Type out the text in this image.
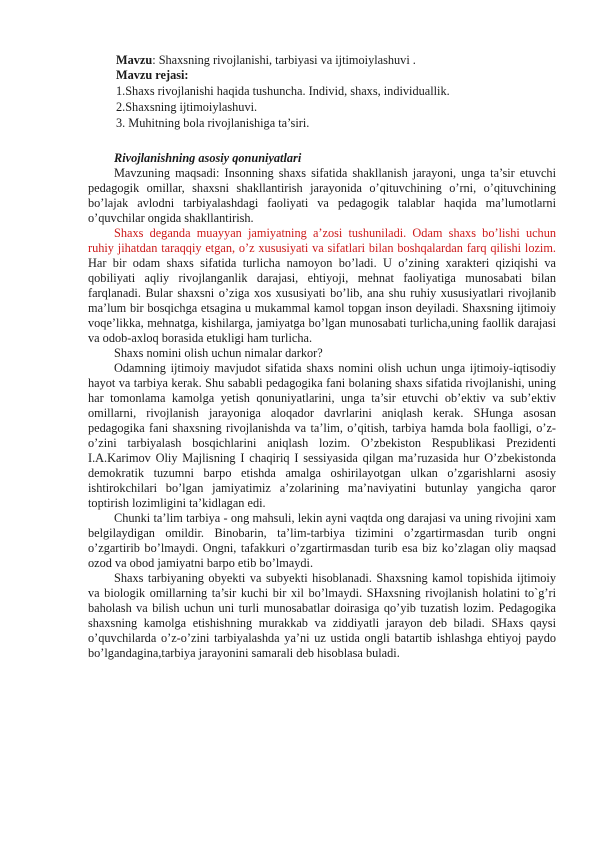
Mavzu: Shaxsning rivojlanishi, tarbiyasi va ijtimoiylashuvi .
Mavzu rejasi:
1.Shaxs rivojlanishi haqida tushuncha. Individ, shaxs, individuallik.
2.Shaxsning ijtimoiylashuvi.
3. Muhitning bola rivojlanishiga ta’siri.

Rivojlanishning asosiy qonuniyatlari

Mavzuning maqsadi: Insonning shaxs sifatida shakllanish jarayoni, unga ta’sir etuvchi pedagogik omillar, shaxsni shakllantirish jarayonida o’qituvchining o’rni, o’qituvchining bo’lajak avlodni tarbiyalashdagi faoliyati va pedagogik talablar haqida ma’lumotlarni o’quvchilar ongida shakllantirish.

Shaxs deganda muayyan jamiyatning a’zosi tushuniladi. Odam shaxs bo’lishi uchun ruhiy jihatdan taraqqiy etgan, o’z xususiyati va sifatlari bilan boshqalardan farq qilishi lozim. Har bir odam shaxs sifatida turlicha namoyon bo’ladi. U o’zining xarakteri qiziqishi va qobiliyati aqliy rivojlanganlik darajasi, ehtiyoji, mehnat faoliyatiga munosabati bilan farqlanadi. Bular shaxsni o’ziga xos xususiyati bo’lib, ana shu ruhiy xususiyatlari rivojlanib ma’lum bir bosqichga etsagina u mukammal kamol topgan inson deyiladi. Shaxsning ijtimoiy voqe’likka, mehnatga, kishilarga, jamiyatga bo’lgan munosabati turlicha,uning faollik darajasi va odob-axloq borasida etukligi ham turlicha.

Shaxs nomini olish uchun nimalar darkor?

Odamning ijtimoiy mavjudot sifatida shaxs nomini olish uchun unga ijtimoiy-iqtisodiy hayot va tarbiya kerak. Shu sababli pedagogika fani bolaning shaxs sifatida rivojlanishi, uning har tomonlama kamolga yetish qonuniyatlarini, unga ta’sir etuvchi ob’ektiv va sub’ektiv omillarni, rivojlanish jarayoniga aloqador davrlarini aniqlash kerak. SHunga asosan pedagogika fani shaxsning rivojlanishda va ta’lim, o’qitish, tarbiya hamda bola faolligi, o’z-o’zini tarbiyalash bosqichlarini aniqlash lozim. O’zbekiston Respublikasi Prezidenti I.A.Karimov Oliy Majlisning I chaqiriq I sessiyasida qilgan ma’ruzasida hur O’zbekistonda demokratik tuzumni barpo etishda amalga oshirilayotgan ulkan o’zgarishlarni asosiy ishtirokchilari bo’lgan jamiyatimiz a’zolarining ma’naviyatini butunlay yangicha qaror toptirish lozimligini ta’kidlagan edi.

Chunki ta’lim tarbiya - ong mahsuli, lekin ayni vaqtda ong darajasi va uning rivojini xam belgilaydigan omildir. Binobarin, ta’lim-tarbiya tizimini o’zgartirmasdan turib ongni o’zgartirib bo’lmaydi. Ongni, tafakkuri o’zgartirmasdan turib esa biz ko’zlagan oliy maqsad ozod va obod jamiyatni barpo etib bo’lmaydi.

Shaxs tarbiyaning obyekti va subyekti hisoblanadi. Shaxsning kamol topishida ijtimoiy va biologik omillarning ta’sir kuchi bir xil bo’lmaydi. SHaxsning rivojlanish holatini to`g’ri baholash va bilish uchun uni turli munosabatlar doirasiga qo’yib tuzatish lozim. Pedagogika shaxsning kamolga etishishning murakkab va ziddiyatli jarayon deb biladi. SHaxs qaysi o’quvchilarda o’z-o’zini tarbiyalashda ya’ni uz ustida ongli batartib ishlashga ehtiyoj paydo bo’lgandagina,tarbiya jarayonini samarali deb hisoblasa buladi.
